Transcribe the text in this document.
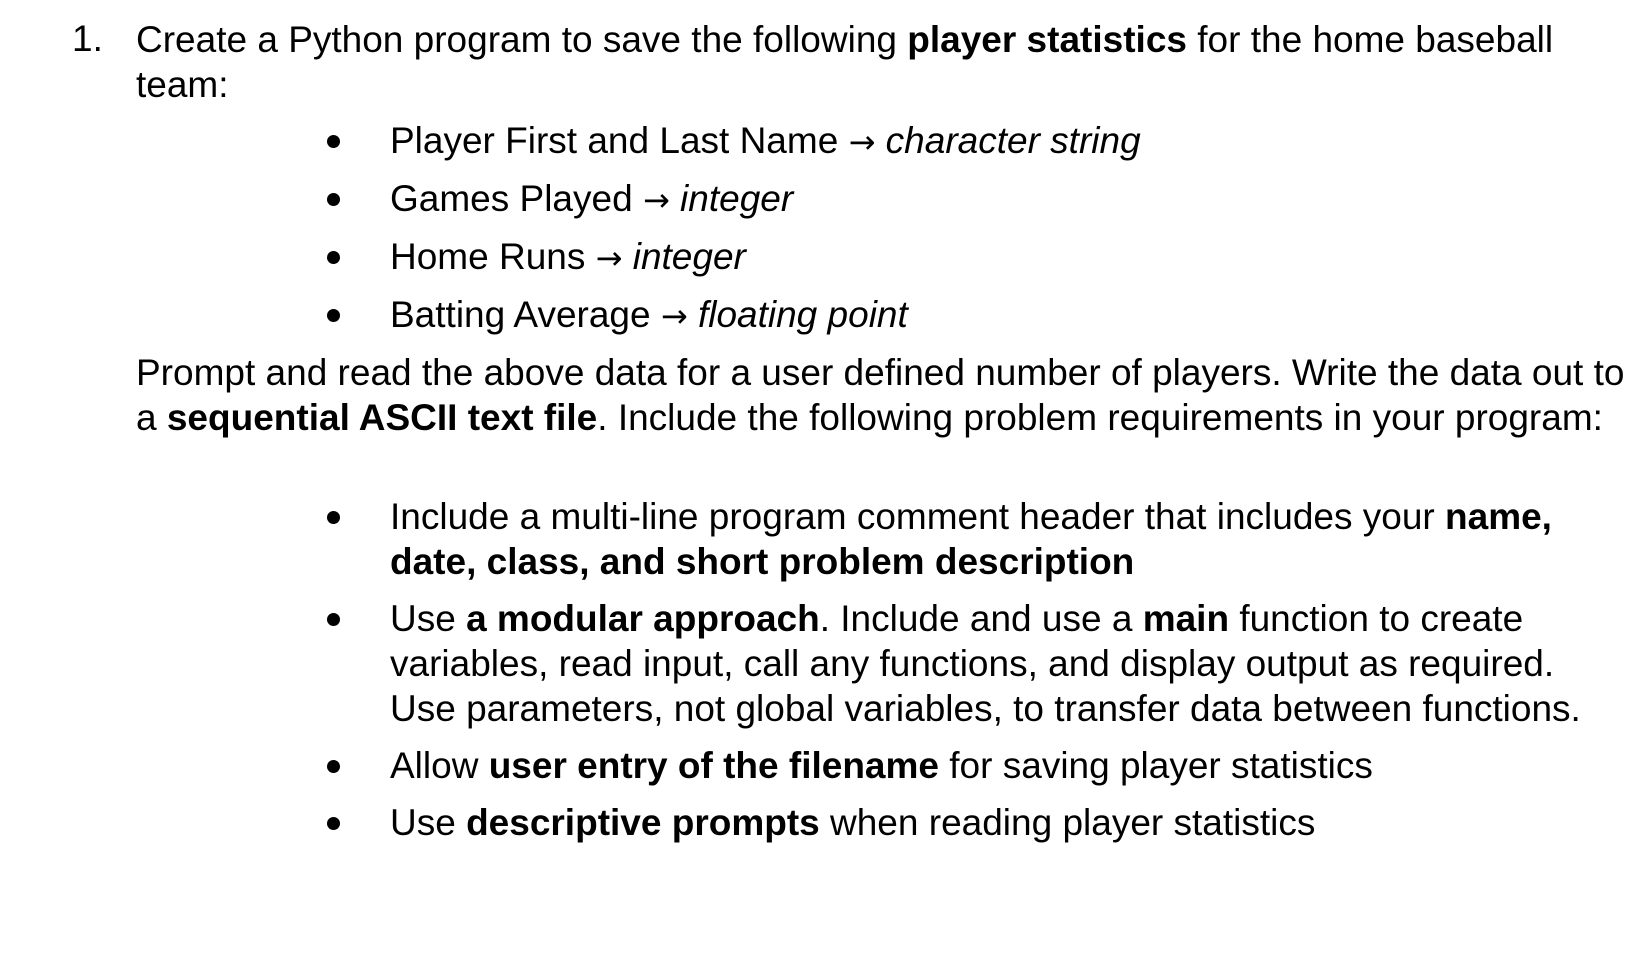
1. Create a Python program to save the following player statistics for the home baseball team:

Player First and Last Name → character string
Games Played → integer
Home Runs → integer
Batting Average → floating point

Prompt and read the above data for a user defined number of players. Write the data out to a sequential ASCII text file. Include the following problem requirements in your program:

Include a multi-line program comment header that includes your name, date, class, and short problem description
Use a modular approach. Include and use a main function to create variables, read input, call any functions, and display output as required. Use parameters, not global variables, to transfer data between functions.
Allow user entry of the filename for saving player statistics
Use descriptive prompts when reading player statistics
